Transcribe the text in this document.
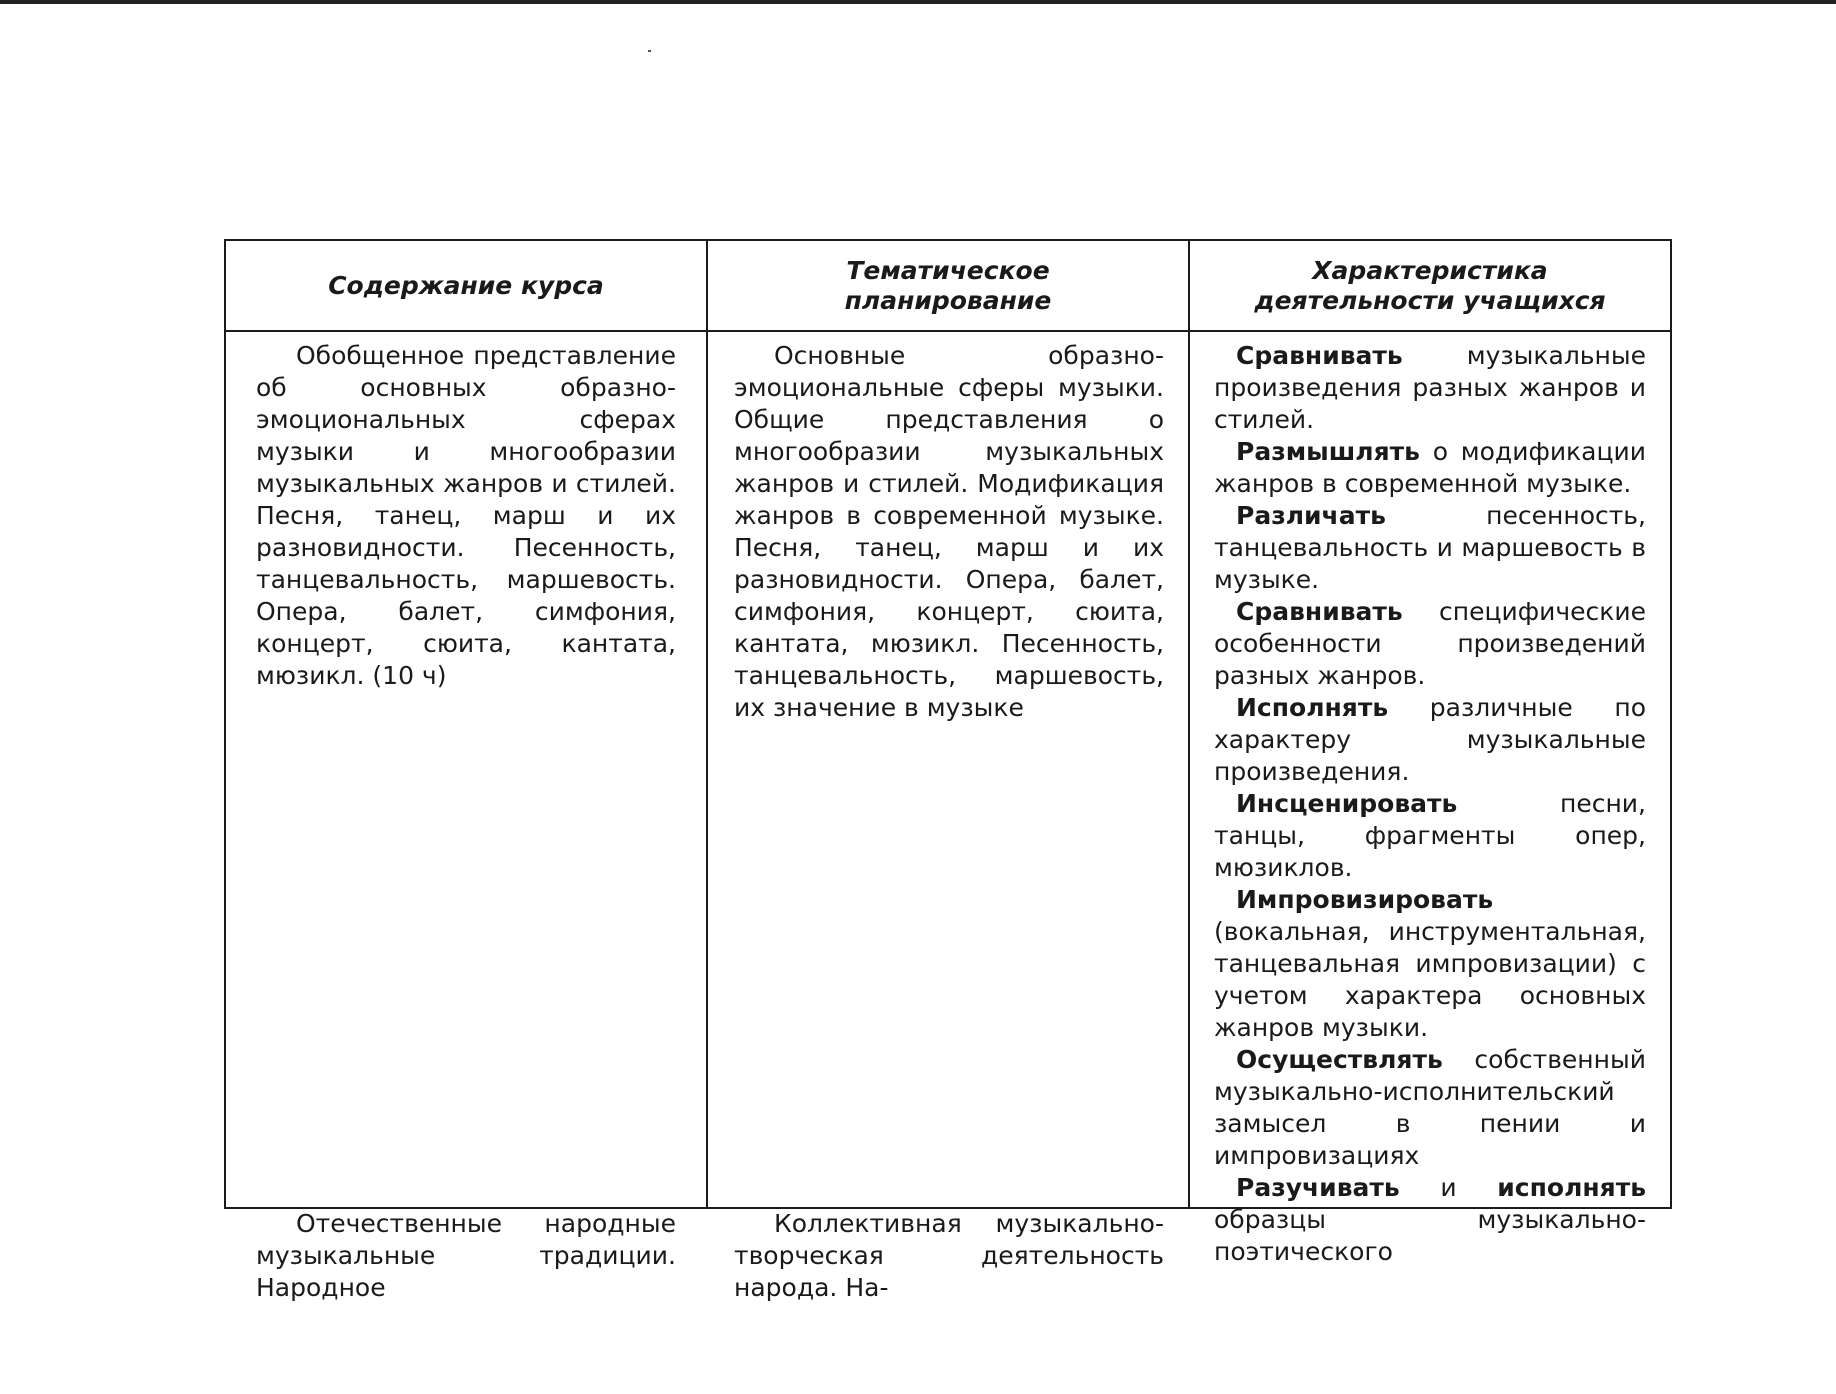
Содержание курса
Тематическое
планирование
Характеристика
деятельности учащихся

Обобщенное представление об основных образно-эмоциональных сферах музыки и многообразии музыкальных жанров и стилей. Песня, танец, марш и их разновидности. Песенность, танцевальность, маршевость. Опера, балет, симфония, концерт, сюита, кантата, мюзикл. (10 ч)

Отечественные народные музыкальные традиции. Народное

Основные образно-эмоциональные сферы музыки. Общие представления о многообразии музыкальных жанров и стилей. Модификация жанров в современной музыке. Песня, танец, марш и их разновидности. Опера, балет, симфония, концерт, сюита, кантата, мюзикл. Песенность, танцевальность, маршевость, их значение в музыке

Коллективная музыкально-творческая деятельность народа. На-

Сравнивать музыкальные произведения разных жанров и стилей.

Размышлять о модификации жанров в современной музыке.

Различать песенность, танцевальность и маршевость в музыке.

Сравнивать специфические особенности произведений разных жанров.

Исполнять различные по характеру музыкальные произведения.

Инсценировать песни, танцы, фрагменты опер, мюзиклов.

Импровизировать (вокальная, инструментальная, танцевальная импровизации) с учетом характера основных жанров музыки.

Осуществлять собственный музыкально-исполнительский замысел в пении и импровизациях

Разучивать и исполнять образцы музыкально-поэтического
